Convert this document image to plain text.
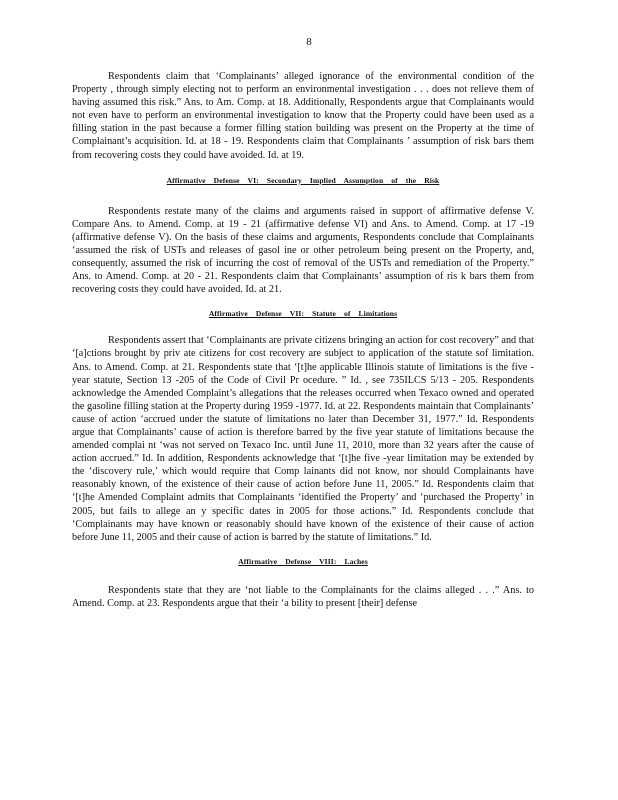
8

Respondents claim that ‘Complainants’ alleged ignorance of the environmental condition of the Property , through simply electing not to perform an environmental investigation . . . does not relieve them of having assumed this risk.” Ans. to Am. Comp. at 18. Additionally, Respondents argue that Complainants would not even have to perform an environmental investigation to know that the Property could have been used as a filling station in the past because a former filling station building was present on the Property at the time of Complainant’s acquisition. Id. at 18 - 19. Respondents claim that Complainants ’ assumption of risk bars them from recovering costs they could have avoided. Id. at 19.

Affirmative Defense VI: Secondary Implied Assumption of the Risk

Respondents restate many of the claims and arguments raised in support of affirmative defense V. Compare Ans. to Amend. Comp. at 19 - 21 (affirmative defense VI) and Ans. to Amend. Comp. at 17 -19 (affirmative defense V). On the basis of these claims and arguments, Respondents conclude that Complainants ‘assumed the risk of USTs and releases of gasol ine or other petroleum being present on the Property, and, consequently, assumed the risk of incurring the cost of removal of the USTs and remediation of the Property.” Ans. to Amend. Comp. at 20 - 21. Respondents claim that Complainants’ assumption of ris k bars them from recovering costs they could have avoided. Id. at 21.

Affirmative Defense VII: Statute of Limitations

Respondents assert that ‘Complainants are private citizens bringing an action for cost recovery” and that ‘[a]ctions brought by priv ate citizens for cost recovery are subject to application of the statute sof limitation. Ans. to Amend. Comp. at 21. Respondents state that ‘[t]he applicable Illinois statute of limitations is the five -year statute, Section 13 -205 of the Code of Civil Pr ocedure. ” Id. , see 735ILCS 5/13 - 205. Respondents acknowledge the Amended Complaint’s allegations that the releases occurred when Texaco owned and operated the gasoline filling station at the Property during 1959 -1977. Id. at 22. Respondents maintain that Complainants’ cause of action ‘accrued under the statute of limitations no later than December 31, 1977.” Id. Respondents argue that Complainants’ cause of action is therefore barred by the five year statute of limitations because the amended complai nt ‘was not served on Texaco Inc. until June 11, 2010, more than 32 years after the cause of action accrued.” Id. In addition, Respondents acknowledge that ‘[t]he five -year limitation may be extended by the ‘discovery rule,’ which would require that Comp lainants did not know, nor should Complainants have reasonably known, of the existence of their cause of action before June 11, 2005.” Id. Respondents claim that ‘[t]he Amended Complaint admits that Complainants ‘identified the Property’ and ‘purchased the Property’ in 2005, but fails to allege an y specific dates in 2005 for those actions.” Id. Respondents conclude that ‘Complainants may have known or reasonably should have known of the existence of their cause of action before June 11, 2005 and their cause of action is barred by the statute of limitations.” Id.

Affirmative Defense VIII: Laches

Respondents state that they are ‘not liable to the Complainants for the claims alleged . . .” Ans. to Amend. Comp. at 23. Respondents argue that their ‘a bility to present [their] defense
